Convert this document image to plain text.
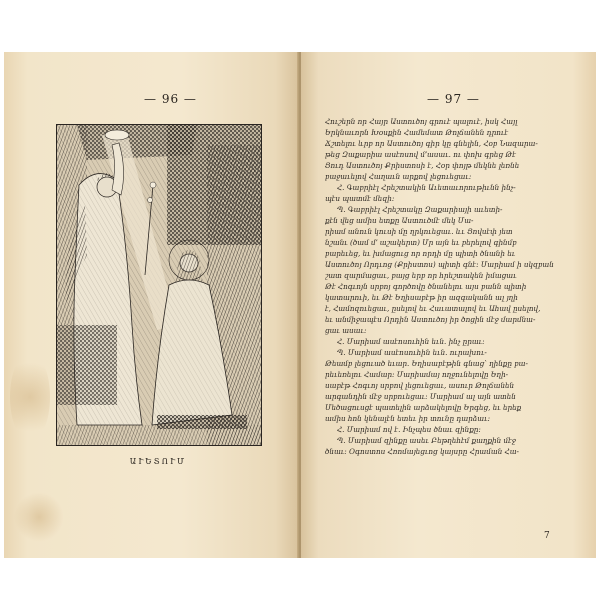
— 96 —
ԱՒԵՏՈՒՄ
— 97 —
Հուշերն որ Հայր Աստուծոյ գրուէ պալուէ, իսկ Հայլ
Երկնաւորն Խօսքին Համեմատ Թոլճանեն դրուէ
Ճշտելու ևրբ որ Աստուծոյ գիր կը գնելին, Հօբ Նազարա-
թեց Զաքարիա ասէոսով մ՚ասաւ. ու փոխ գրեց Թէ
Յուդ Աստուծոյ Քրիստոսի է, Հօր փոյթ մեկնե լեռնե
բաջաւելով Հաղաւն արքով լեցուեցաւ։
Հ. Գաբրիէլ Հրեշտակին Աւետաւորութիւնն ինչ-
պէս պատմէ մեզի։
Պ. Գաբրիէլ Հրեշտակը Զաքարիայի աւետի-
քէն վեց ամիս ետքը Աստուծմէ մեկ Մա-
րիամ անուն կուսի մը ղրկուեցաւ. ևւ Յովսէփ յետ
նշանւ (ծամ մ՚ աշակերտ) Մր այն եւ բերելով գինմբ
բարեւեց, եւ խմացուց որ որդի մը պիտի ծնանի եւ
Աստուծոյ Որդւոց (Քրիստոս) պիտի գնէ։ Մարիամ ի սկզբան
շատ զարմացաւ, բայց երբ որ հրեշտակեն իմացաւ
Թէ Հոգւոյն սրբոյ գործովը ծնանելու այս բանն պիտի
կատարուի, եւ Թէ Եղիսաբէթ իր ազգականն ալ յղի
է, Համոզուեցաւ, ըսելով եւ Հաւատալով եւ Ահավ ըսելով,
եւ անմիջապէս Որդին Աստուծոյ իր ծոցին մէջ մարմնա-
ցաւ ասաւ։
Հ. Մարիամ ասէոսուհին եւն. ինչ ըրաւ։
Պ. Մարիամ ասէոսուհին եւն. ուրախու-
Թեամբ լեցուած եւար. Եղիսաբէթին գնաց՝ ղինքը բա-
րեւեռելու Համար։ Մարիամայ ողջունելովը Եղի-
սաբէթ Հոգւոյ սրբով լեցուեցաւ, ասուր Թոլճանեն
արգանդին մէջ սրբուեցաւ։ Մարիամ ալ այն ատեն
Մեծացուսցէ պատելին արձակելովը Երգեց, եւ երեք
ամիս հոն կենալէն ետեւ իր տունը դարձաւ։
Հ. Մարիամ ով է. Ինչպես ծնաւ զինքը։
Պ. Մարիամ զինքը ասեւ Բեթղեհէմ քաղքին մէջ
ծնաւ։ Օգոստոս Հռոմայեցւոց կայսրը Հրաման Հա-
7
